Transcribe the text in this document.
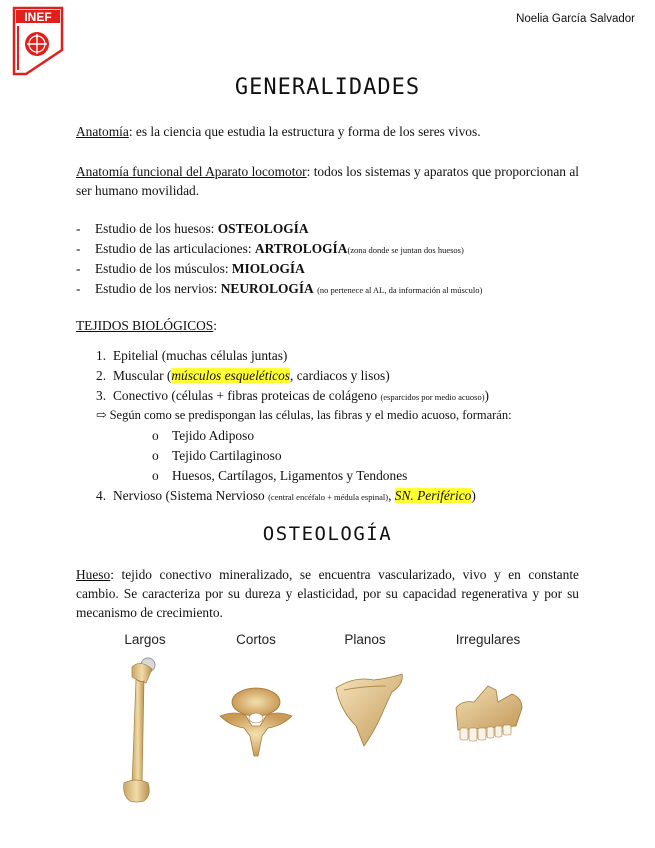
INEF	Noelia García Salvador
GENERALIDADES
Anatomía: es la ciencia que estudia la estructura y forma de los seres vivos.
Anatomía funcional del Aparato locomotor: todos los sistemas y aparatos que proporcionan al ser humano movilidad.
- Estudio de los huesos: OSTEOLOGÍA
- Estudio de las articulaciones: ARTROLOGÍA(zona donde se juntan dos huesos)
- Estudio de los músculos: MIOLOGÍA
- Estudio de los nervios: NEUROLOGÍA (no pertenece al AL, da información al músculo)
TEJIDOS BIOLÓGICOS:
1. Epitelial (muchas células juntas)
2. Muscular (músculos esqueléticos, cardiacos y lisos)
3. Conectivo (células + fibras proteicas de colágeno (esparcidos por medio acuoso))
⇨ Según como se predispongan las células, las fibras y el medio acuoso, formarán:
o Tejido Adiposo
o Tejido Cartilaginoso
o Huesos, Cartílagos, Ligamentos y Tendones
4. Nervioso (Sistema Nervioso (central encéfalo + médula espinal), SN. Periférico)
OSTEOLOGÍA
Hueso: tejido conectivo mineralizado, se encuentra vascularizado, vivo y en constante cambio. Se caracteriza por su dureza y elasticidad, por su capacidad regenerativa y por su mecanismo de crecimiento.
Largos	Cortos	Planos	Irregulares
